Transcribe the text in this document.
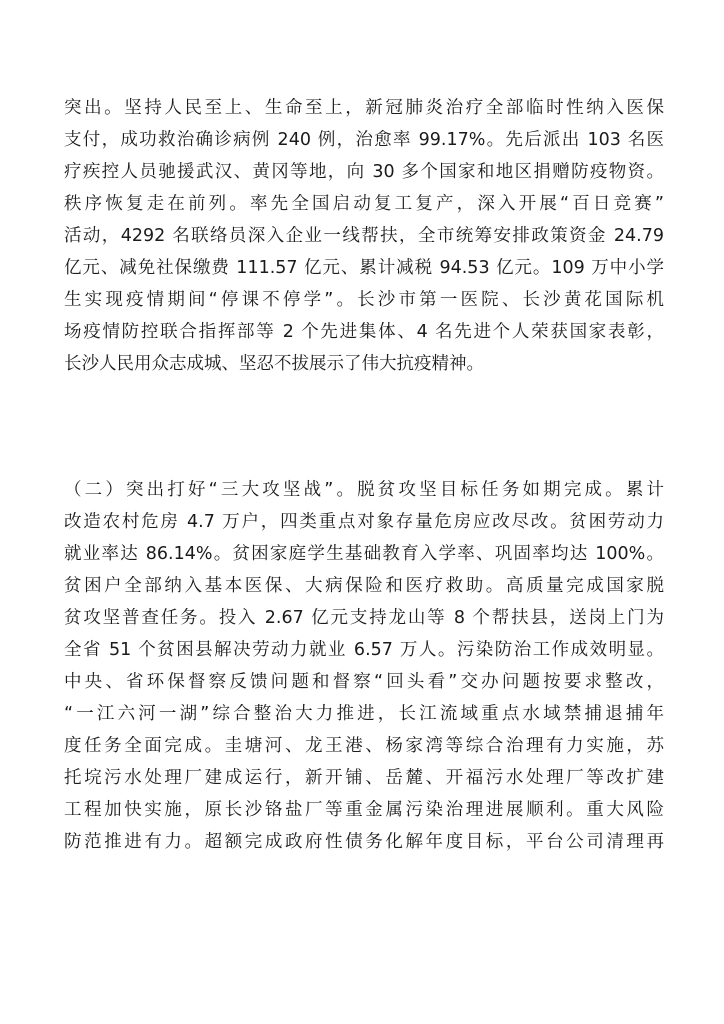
突出。坚持人民至上、生命至上，新冠肺炎治疗全部临时性纳入医保
支付，成功救治确诊病例 240 例，治愈率 99.17%。先后派出 103 名医
疗疾控人员驰援武汉、黄冈等地，向 30 多个国家和地区捐赠防疫物资。
秩序恢复走在前列。率先全国启动复工复产，深入开展“百日竞赛”
活动，4292 名联络员深入企业一线帮扶，全市统筹安排政策资金 24.79
亿元、减免社保缴费 111.57 亿元、累计减税 94.53 亿元。109 万中小学
生实现疫情期间“停课不停学”。长沙市第一医院、长沙黄花国际机
场疫情防控联合指挥部等 2 个先进集体、4 名先进个人荣获国家表彰，
长沙人民用众志成城、坚忍不拔展示了伟大抗疫精神。
（二）突出打好“三大攻坚战”。脱贫攻坚目标任务如期完成。累计
改造农村危房 4.7 万户，四类重点对象存量危房应改尽改。贫困劳动力
就业率达 86.14%。贫困家庭学生基础教育入学率、巩固率均达 100%。
贫困户全部纳入基本医保、大病保险和医疗救助。高质量完成国家脱
贫攻坚普查任务。投入 2.67 亿元支持龙山等 8 个帮扶县，送岗上门为
全省 51 个贫困县解决劳动力就业 6.57 万人。污染防治工作成效明显。
中央、省环保督察反馈问题和督察“回头看”交办问题按要求整改，
“一江六河一湖”综合整治大力推进，长江流域重点水域禁捕退捕年
度任务全面完成。圭塘河、龙王港、杨家湾等综合治理有力实施，苏
托垸污水处理厂建成运行，新开铺、岳麓、开福污水处理厂等改扩建
工程加快实施，原长沙铬盐厂等重金属污染治理进展顺利。重大风险
防范推进有力。超额完成政府性债务化解年度目标，平台公司清理再
